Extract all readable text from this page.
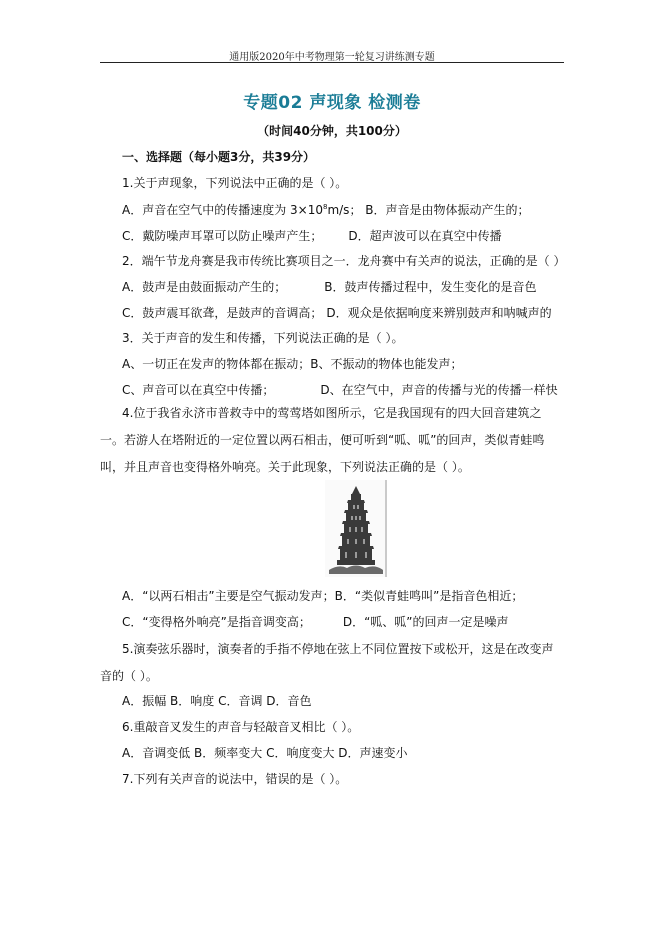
通用版2020年中考物理第一轮复习讲练测专题
专题02 声现象 检测卷
（时间40分钟，共100分）
一、选择题（每小题3分，共39分）
1.关于声现象，下列说法中正确的是（ ）。
A．声音在空气中的传播速度为 $3\times 10^8m/s$； B．声音是由物体振动产生的；
C．戴防噪声耳罩可以防止噪声产生； D．超声波可以在真空中传播
2．端午节龙舟赛是我市传统比赛项目之一．龙舟赛中有关声的说法，正确的是（ ）
A．鼓声是由鼓面振动产生的；	B．鼓声传播过程中，发生变化的是音色
C．鼓声震耳欲聋，是鼓声的音调高； D．观众是依据响度来辨别鼓声和呐喊声的
3．关于声音的发生和传播，下列说法正确的是（ ）。
A、一切正在发声的物体都在振动；B、不振动的物体也能发声；
C、声音可以在真空中传播；	D、在空气中，声音的传播与光的传播一样快
4.位于我省永济市普救寺中的莺莺塔如图所示，它是我国现有的四大回音建筑之一。若游人在塔附近的一定位置以两石相击，便可听到“呱、呱”的回声，类似青蛙鸣叫，并且声音也变得格外响亮。关于此现象，下列说法正确的是（ ）。
A．“以两石相击”主要是空气振动发声；B．“类似青蛙鸣叫”是指音色相近；
C．“变得格外响亮”是指音调变高；	D．“呱、呱”的回声一定是噪声
5.演奏弦乐器时，演奏者的手指不停地在弦上不同位置按下或松开，这是在改变声音的（ ）。
A．振幅 B．响度 C．音调 D．音色
6.重敲音叉发生的声音与轻敲音叉相比（ ）。
A．音调变低 B．频率变大 C．响度变大 D．声速变小
7.下列有关声音的说法中，错误的是（ ）。
